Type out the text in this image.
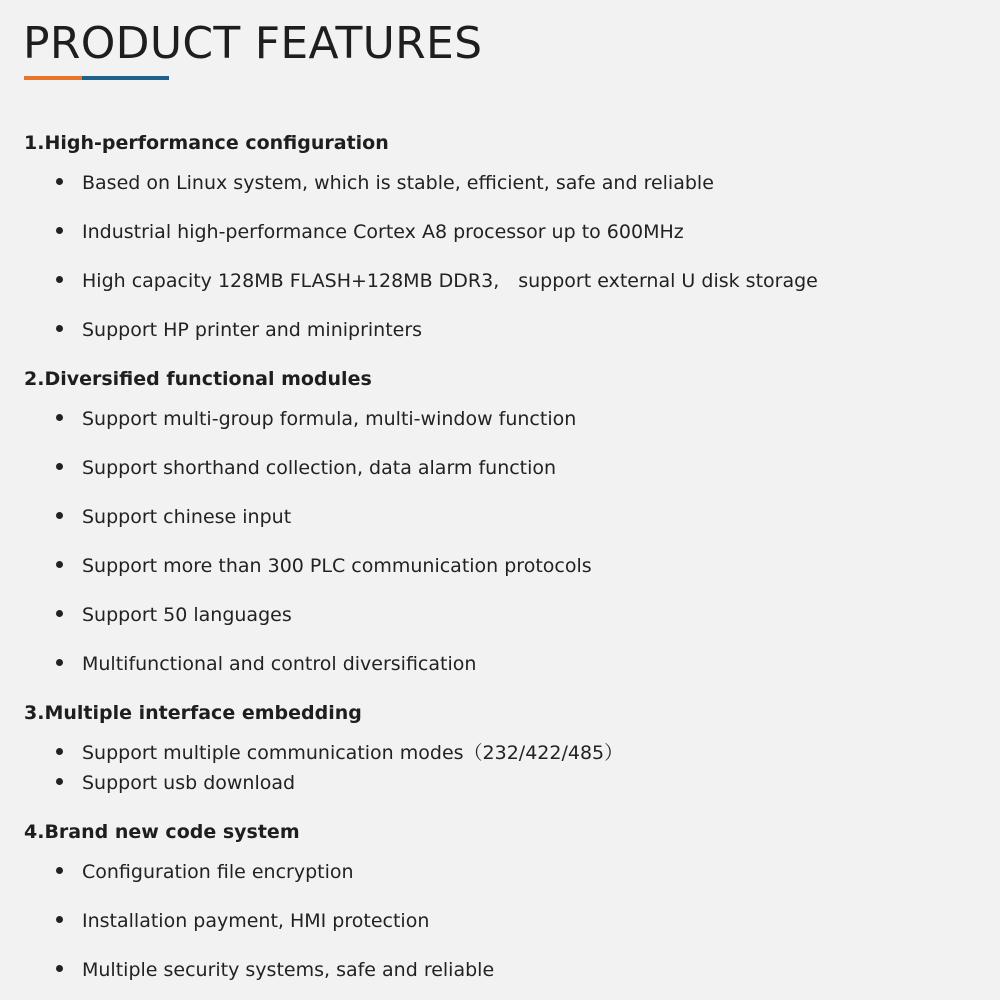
PRODUCT FEATURES
1.High-performance configuration
Based on Linux system, which is stable, efficient, safe and reliable
Industrial high-performance Cortex A8 processor up to 600MHz
High capacity 128MB FLASH+128MB DDR3,　support external U disk storage
Support HP printer and miniprinters
2.Diversified functional modules
Support multi-group formula, multi-window function
Support shorthand collection, data alarm function
Support chinese input
Support more than 300 PLC communication protocols
Support 50 languages
Multifunctional and control diversification
3.Multiple interface embedding
Support multiple communication modes（232/422/485）
Support usb download
4.Brand new code system
Configuration file encryption
Installation payment, HMI protection
Multiple security systems, safe and reliable
